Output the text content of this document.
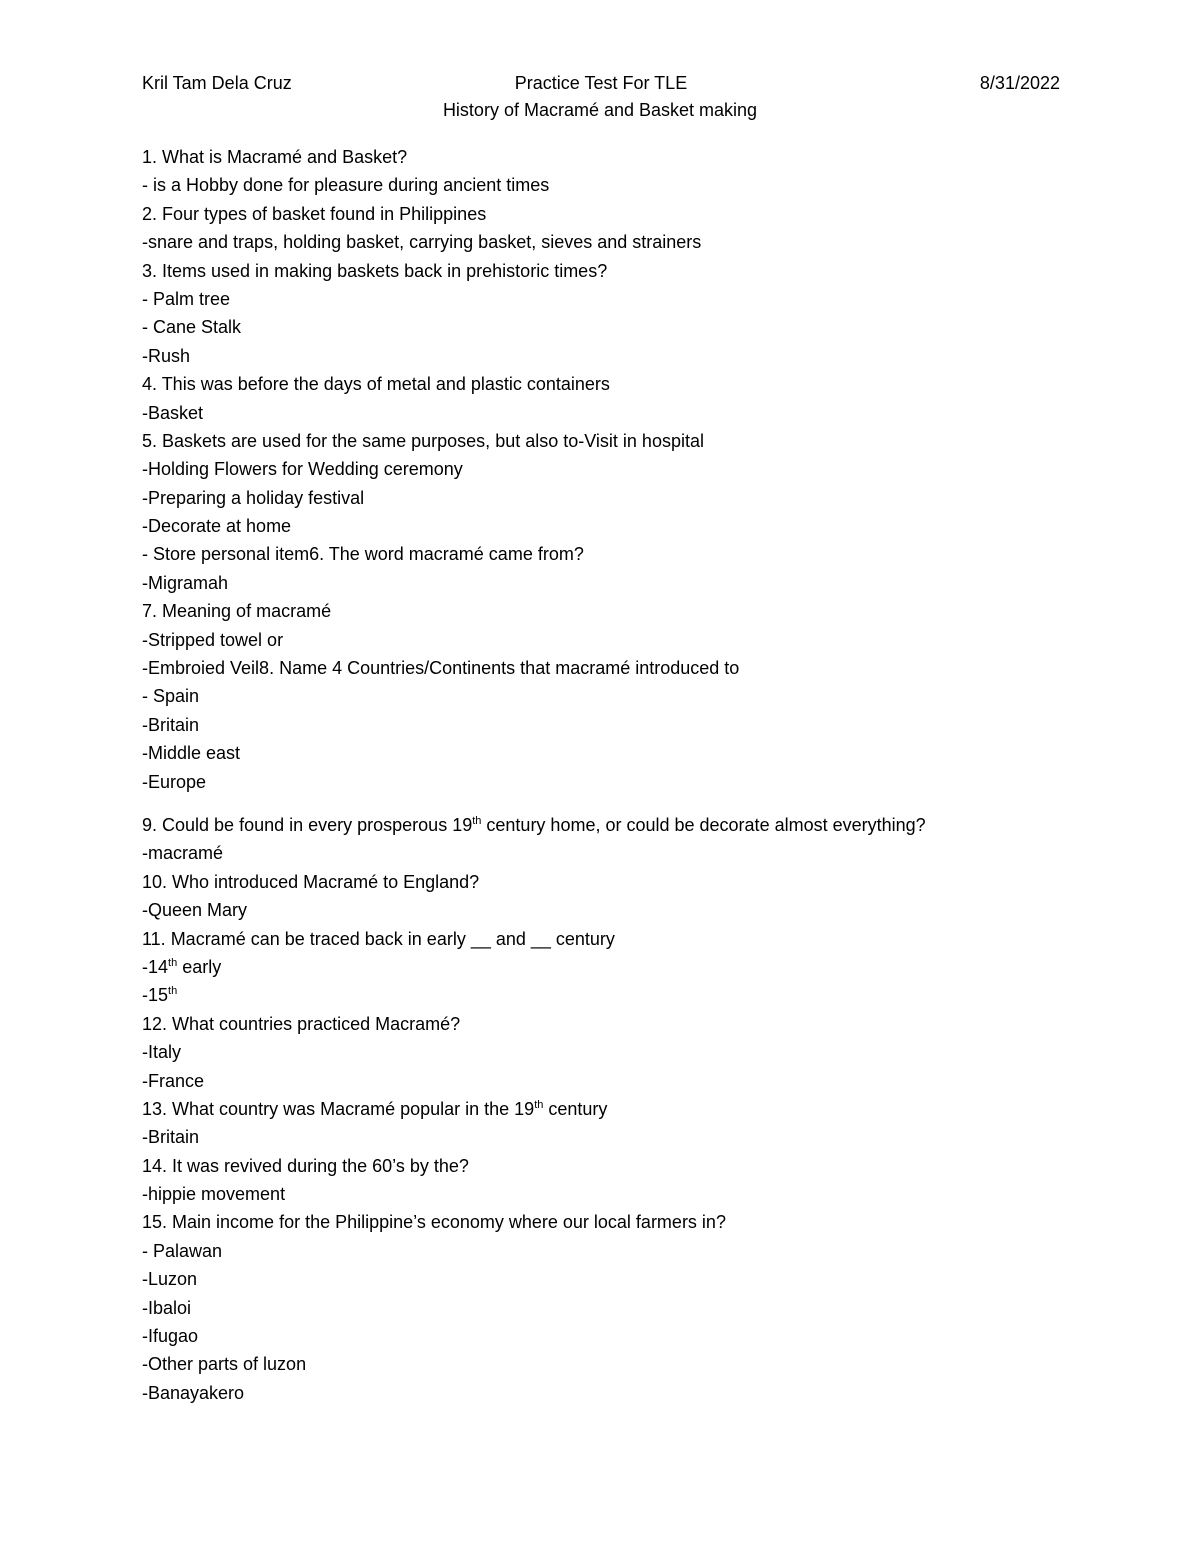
Kril Tam Dela Cruz	Practice Test For TLE	8/31/2022
History of Macramé and Basket making
1. What is Macramé and Basket?
- is a Hobby done for pleasure during ancient times
2. Four types of basket found in Philippines
-snare and traps, holding basket, carrying basket, sieves and strainers
3. Items used in making baskets back in prehistoric times?
- Palm tree
- Cane Stalk
-Rush
4. This was before the days of metal and plastic containers
-Basket
5. Baskets are used for the same purposes, but also to-Visit in hospital
-Holding Flowers for Wedding ceremony
-Preparing a holiday festival
-Decorate at home
- Store personal item6. The word macramé came from?
-Migramah
7. Meaning of macramé
-Stripped towel or
-Embroied Veil8. Name 4 Countries/Continents that macramé introduced to
- Spain
-Britain
-Middle east
-Europe
9. Could be found in every prosperous 19th century home, or could be decorate almost everything?
-macramé
10. Who introduced Macramé to England?
-Queen Mary
11. Macramé can be traced back in early __ and __ century
-14th early
-15th
12. What countries practiced Macramé?
-Italy
-France
13. What country was Macramé popular in the 19th century
-Britain
14. It was revived during the 60’s by the?
-hippie movement
15. Main income for the Philippine’s economy where our local farmers in?
- Palawan
-Luzon
-Ibaloi
-Ifugao
-Other parts of luzon
-Banayakero
